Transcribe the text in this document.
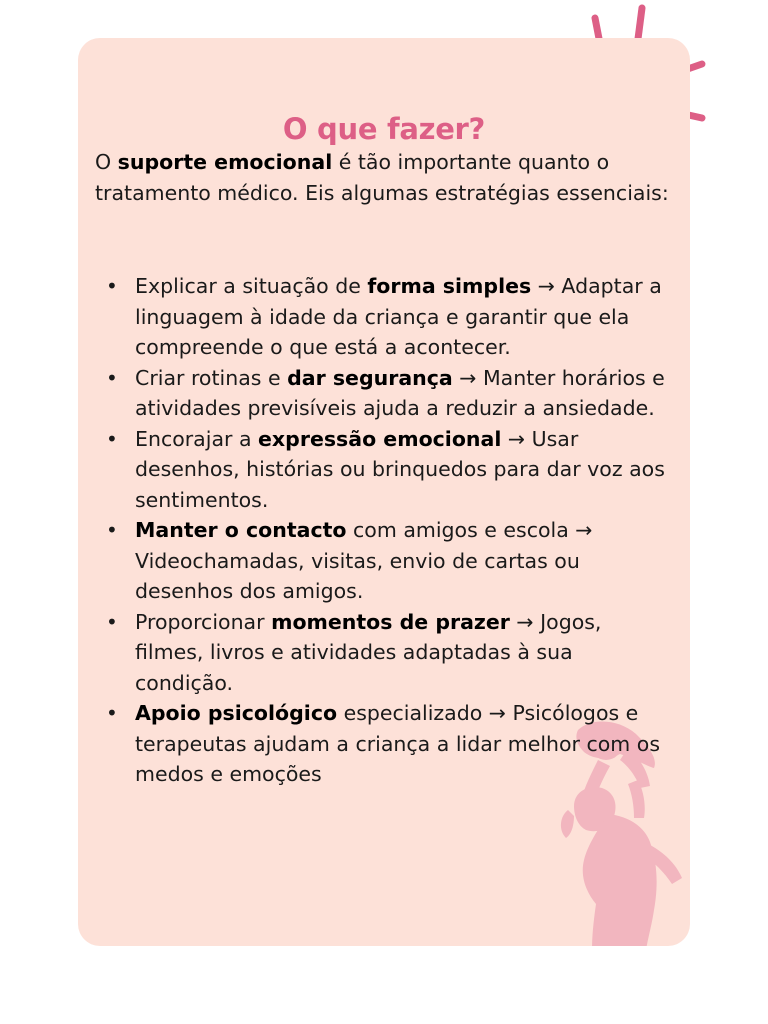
O que fazer?

O suporte emocional é tão importante quanto o tratamento médico. Eis algumas estratégias essenciais:

• Explicar a situação de forma simples → Adaptar a linguagem à idade da criança e garantir que ela compreende o que está a acontecer.
• Criar rotinas e dar segurança → Manter horários e atividades previsíveis ajuda a reduzir a ansiedade.
• Encorajar a expressão emocional → Usar desenhos, histórias ou brinquedos para dar voz aos sentimentos.
• Manter o contacto com amigos e escola → Videochamadas, visitas, envio de cartas ou desenhos dos amigos.
• Proporcionar momentos de prazer → Jogos, filmes, livros e atividades adaptadas à sua condição.
• Apoio psicológico especializado → Psicólogos e terapeutas ajudam a criança a lidar melhor com os medos e emoções
